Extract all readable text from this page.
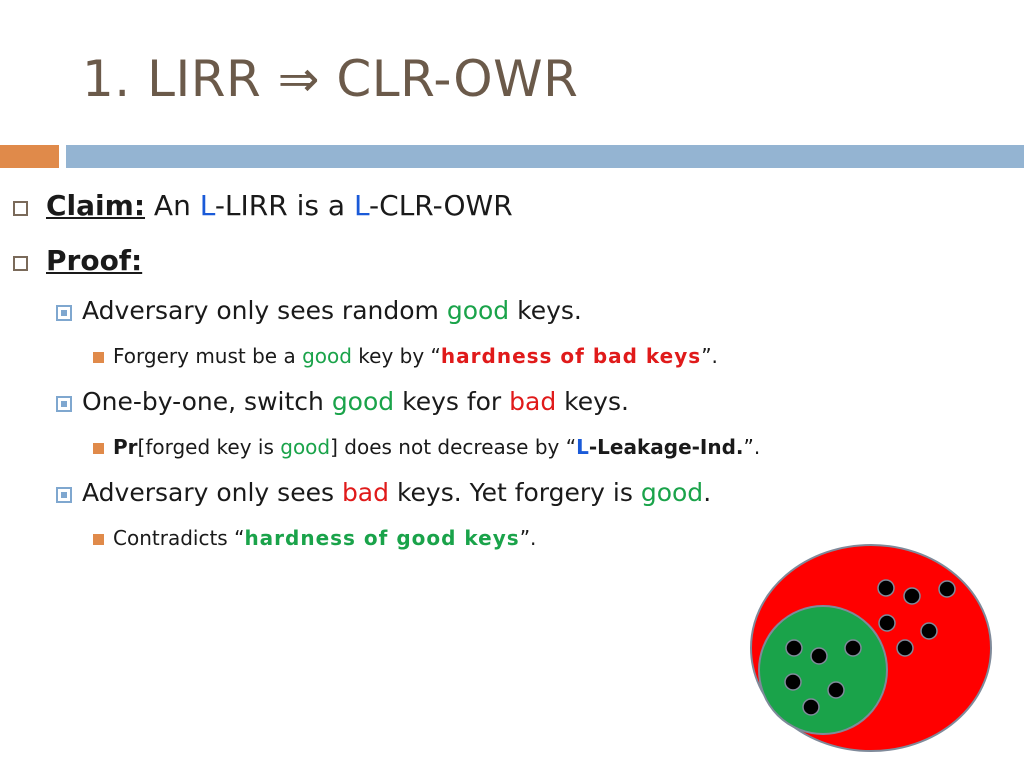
1. LIRR ⇒ CLR-OWR
Claim: An L-LIRR is a L-CLR-OWR
Proof:
Adversary only sees random good keys.
Forgery must be a good key by “hardness of bad keys”.
One-by-one, switch good keys for bad keys.
Pr[forged key is good] does not decrease by “L-Leakage-Ind.”.
Adversary only sees bad keys. Yet forgery is good.
Contradicts “hardness of good keys”.
